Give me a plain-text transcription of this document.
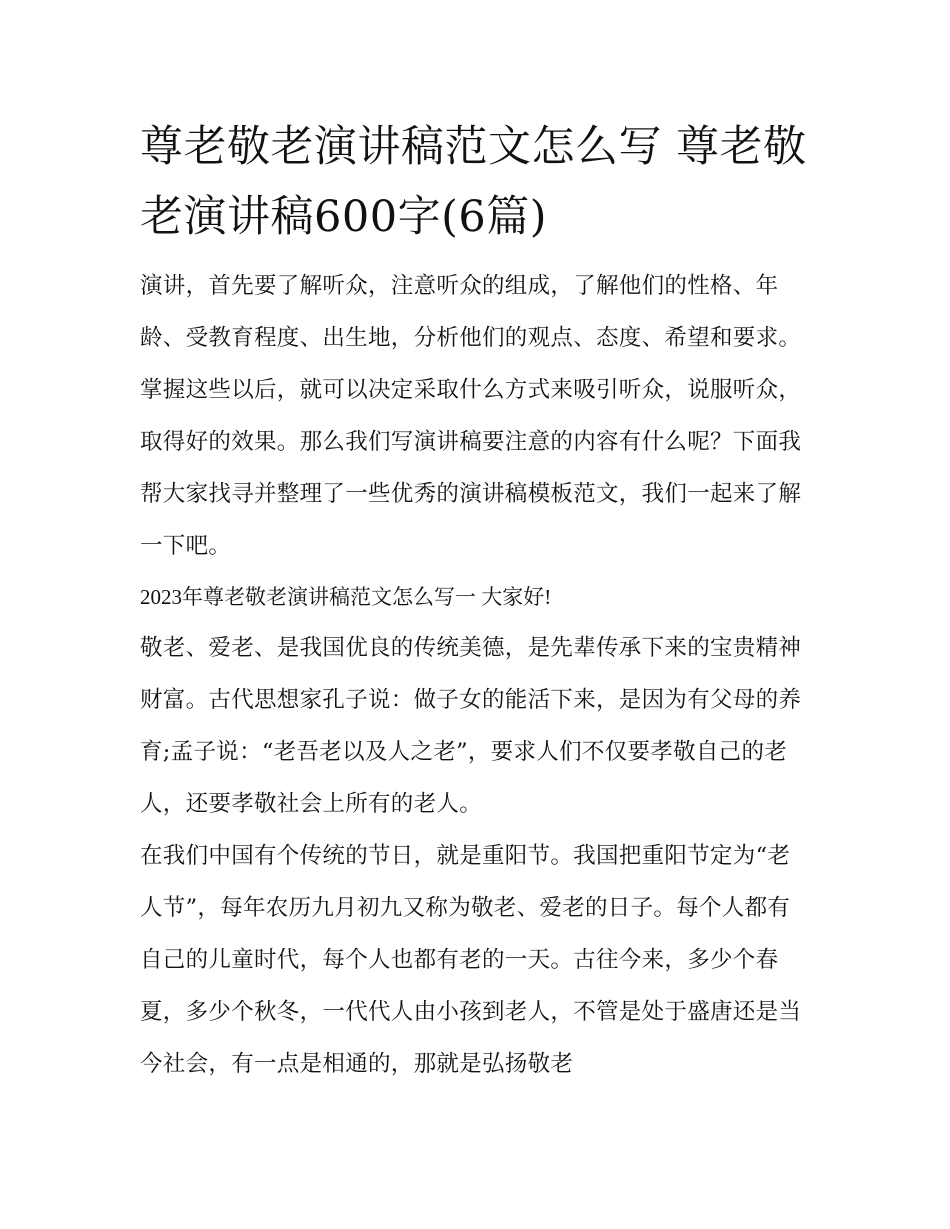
尊老敬老演讲稿范文怎么写 尊老敬老演讲稿600字(6篇)

演讲，首先要了解听众，注意听众的组成，了解他们的性格、年龄、受教育程度、出生地，分析他们的观点、态度、希望和要求。掌握这些以后，就可以决定采取什么方式来吸引听众，说服听众，取得好的效果。那么我们写演讲稿要注意的内容有什么呢？下面我帮大家找寻并整理了一些优秀的演讲稿模板范文，我们一起来了解一下吧。

2023年尊老敬老演讲稿范文怎么写一 大家好!

敬老、爱老、是我国优良的传统美德，是先辈传承下来的宝贵精神财富。古代思想家孔子说：做子女的能活下来，是因为有父母的养育;孟子说：“老吾老以及人之老”，要求人们不仅要孝敬自己的老人，还要孝敬社会上所有的老人。

在我们中国有个传统的节日，就是重阳节。我国把重阳节定为“老人节”，每年农历九月初九又称为敬老、爱老的日子。每个人都有自己的儿童时代，每个人也都有老的一天。古往今来，多少个春夏，多少个秋冬，一代代人由小孩到老人，不管是处于盛唐还是当今社会，有一点是相通的，那就是弘扬敬老
